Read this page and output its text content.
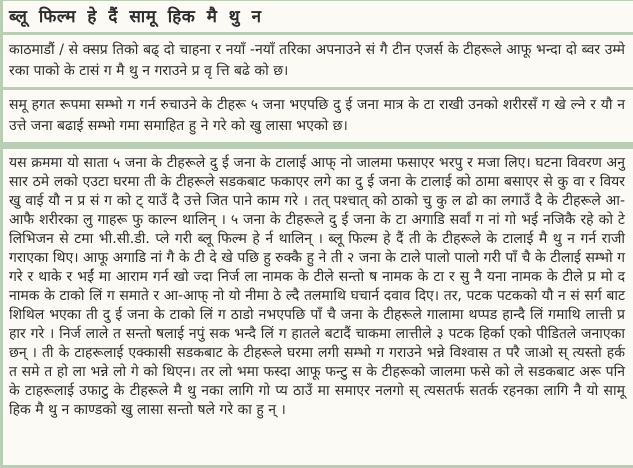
ब्लू फिल्म हे दैं सामू हिक मै थु न
काठमाडौं / से क्सप्र तिको बढ् दो चाहना र नयाँ -नयाँ तरिका अपनाउने सं गै टीन एजर्स के टीहरूले आफू भन्दा दो ब्वर उम्मे रका पाको के टासं ग मै थु न गराउने प्र वृ त्ति बढे को छ।
समू हगत रूपमा सम्भो ग गर्न रुचाउने के टीहरू ५ जना भएपछि दु ई जना मात्र के टा राखी उनको शरीरसँ ग खे ल्ने र यौ न उत्ते जना बढाई सम्भो गमा समाहित हु ने गरे को खु लासा भएको छ।
यस क्रममा यो साता ५ जना के टीहरूले दु ई जना के टालाई आफ् नो जालमा फसाएर भरपु र मजा लिए। घटना विवरण अनु सार ठमे लको एउटा घरमा ती के टीहरूले सडकबाट फकाएर लगे का दु ई जना के टालाई को ठामा बसाएर से कु वा र वियर खु वाई यौ न प्र सं ग को ट् याउँ दै उत्ते जित पाने काम गरे । तत् पश्चात् को ठाको चु कु ल ढो का लगाउँ दै के टीहरूले आ-आफै शरीरका लु गाहरू फु काल्न थालिन् । ५ जना के टीहरूले दु ई जना के टा अगाडि सर्वां ग नां गो भई नजिकै रहे को टे लिभिजन से टमा भी.सी.डी. प्ले गरी ब्लू फिल्म हे र्न थालिन् । ब्लू फिल्म हे दैं ती के टीहरूले के टालाई मै थु न गर्न राजी गराएका थिए। आफू अगाडि नां गै के टी दे खे पछि हु रुक्कै हु ने ती २ जना के टाले पालो पालो गरी पाँ चै के टीलाई सम्भो ग गरे र थाके र भईं मा आराम गर्न खो ज्दा निर्ज ला नामक के टीले सन्तो ष नामक के टा र सु नै यना नामक के टीले प्र मो द नामक के टाको लिं ग समाते र आ-आफ् नो यो नीमा ठे ल्दै तलमाथि घचार्न दवाव दिए। तर, पटक पटकको यौ न सं सर्ग बाट शिथिल भएका ती दु ई जना के टाको लिं ग ठाडो नभएपछि पाँ चै जना के टीहरूले गालामा थप्पड हान्दै लिं गमाथि लात्ती प्र हार गरे । निर्ज लाले त सन्तो षलाई नपुं सक भन्दै लिं ग हातले बटादैं चाकमा लात्तीले ३ पटक हिर्का एको पीडितले जनाएका छन् । ती के टाहरूलाई एक्कासी सडकबाट के टीहरूले घरमा लगी सम्भो ग गराउने भन्ने विश्वास त परै जाओ स् त्यस्तो हर्क त समे त हो ला भन्ने लो गे को थिएन। तर लो भमा फस्दा आफू फन्टु स के टीहरूको जालमा फसे को ले सडकबाट अरू पनि के टाहरूलाई उफाटु के टीहरूले मै थु नका लागि गो प्य ठाउँ मा समाएर नलगो स् त्यसतर्फ सतर्क रहनका लागि नै यो सामू हिक मै थु न काण्डको खु लासा सन्तो षले गरे का हु न् ।
